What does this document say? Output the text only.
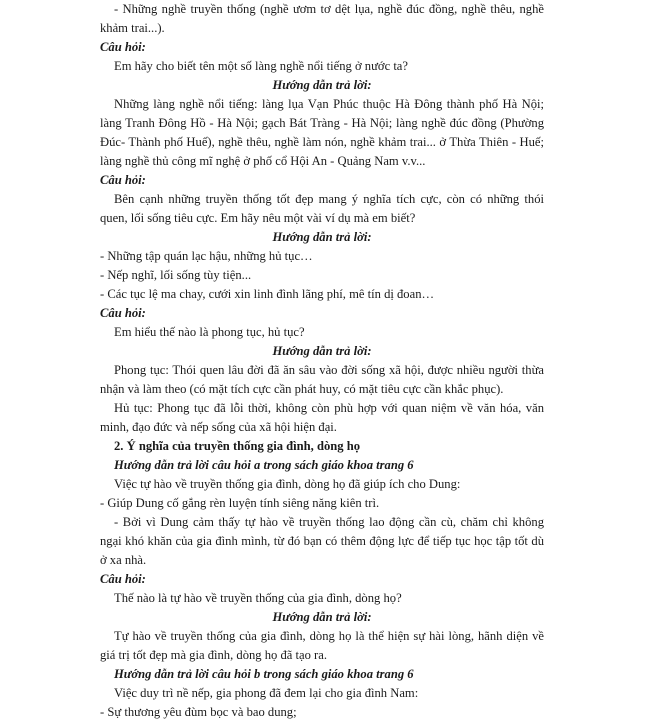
- Những nghề truyền thống (nghề ươm tơ dệt lụa, nghề đúc đồng, nghề thêu, nghề khảm trai...).

Câu hỏi:

Em hãy cho biết tên một số làng nghề nổi tiếng ở nước ta?

Hướng dẫn trả lời:

Những làng nghề nổi tiếng: làng lụa Vạn Phúc thuộc Hà Đông thành phố Hà Nội; làng Tranh Đông Hồ - Hà Nội; gạch Bát Tràng - Hà Nội; làng nghề đúc đồng (Phường Đúc- Thành phố Huế), nghề thêu, nghề làm nón, nghề khảm trai... ở Thừa Thiên - Huế; làng nghề thủ công mĩ nghệ ở phố cổ Hội An - Quảng Nam v.v...

Câu hỏi:

Bên cạnh những truyền thống tốt đẹp mang ý nghĩa tích cực, còn có những thói quen, lối sống tiêu cực. Em hãy nêu một vài ví dụ mà em biết?

Hướng dẫn trả lời:

- Những tập quán lạc hậu, những hủ tục…

- Nếp nghĩ, lối sống tùy tiện...

- Các tục lệ ma chay, cưới xin linh đình lãng phí, mê tín dị đoan…

Câu hỏi:

Em hiểu thế nào là phong tục, hủ tục?

Hướng dẫn trả lời:

Phong tục: Thói quen lâu đời đã ăn sâu vào đời sống xã hội, được nhiều người thừa nhận và làm theo (có mặt tích cực cần phát huy, có mặt tiêu cực cần khắc phục).

Hủ tục: Phong tục đã lỗi thời, không còn phù hợp với quan niệm về văn hóa, văn minh, đạo đức và nếp sống của xã hội hiện đại.

2. Ý nghĩa của truyền thống gia đình, dòng họ

Hướng dẫn trả lời câu hỏi a trong sách giáo khoa trang 6

Việc tự hào về truyền thống gia đình, dòng họ đã giúp ích cho Dung:

- Giúp Dung cố gắng rèn luyện tính siêng năng kiên trì.

- Bởi vì Dung cảm thấy tự hào về truyền thống lao động cần cù, chăm chỉ không ngại khó khăn của gia đình mình, từ đó bạn có thêm động lực để tiếp tục học tập tốt dù ở xa nhà.

Câu hỏi:

Thế nào là tự hào về truyền thống của gia đình, dòng họ?

Hướng dẫn trả lời:

Tự hào về truyền thống của gia đình, dòng họ là thể hiện sự hài lòng, hãnh diện về giá trị tốt đẹp mà gia đình, dòng họ đã tạo ra.

Hướng dẫn trả lời câu hỏi b trong sách giáo khoa trang 6

Việc duy trì nề nếp, gia phong đã đem lại cho gia đình Nam:

- Sự thương yêu đùm bọc và bao dung;
